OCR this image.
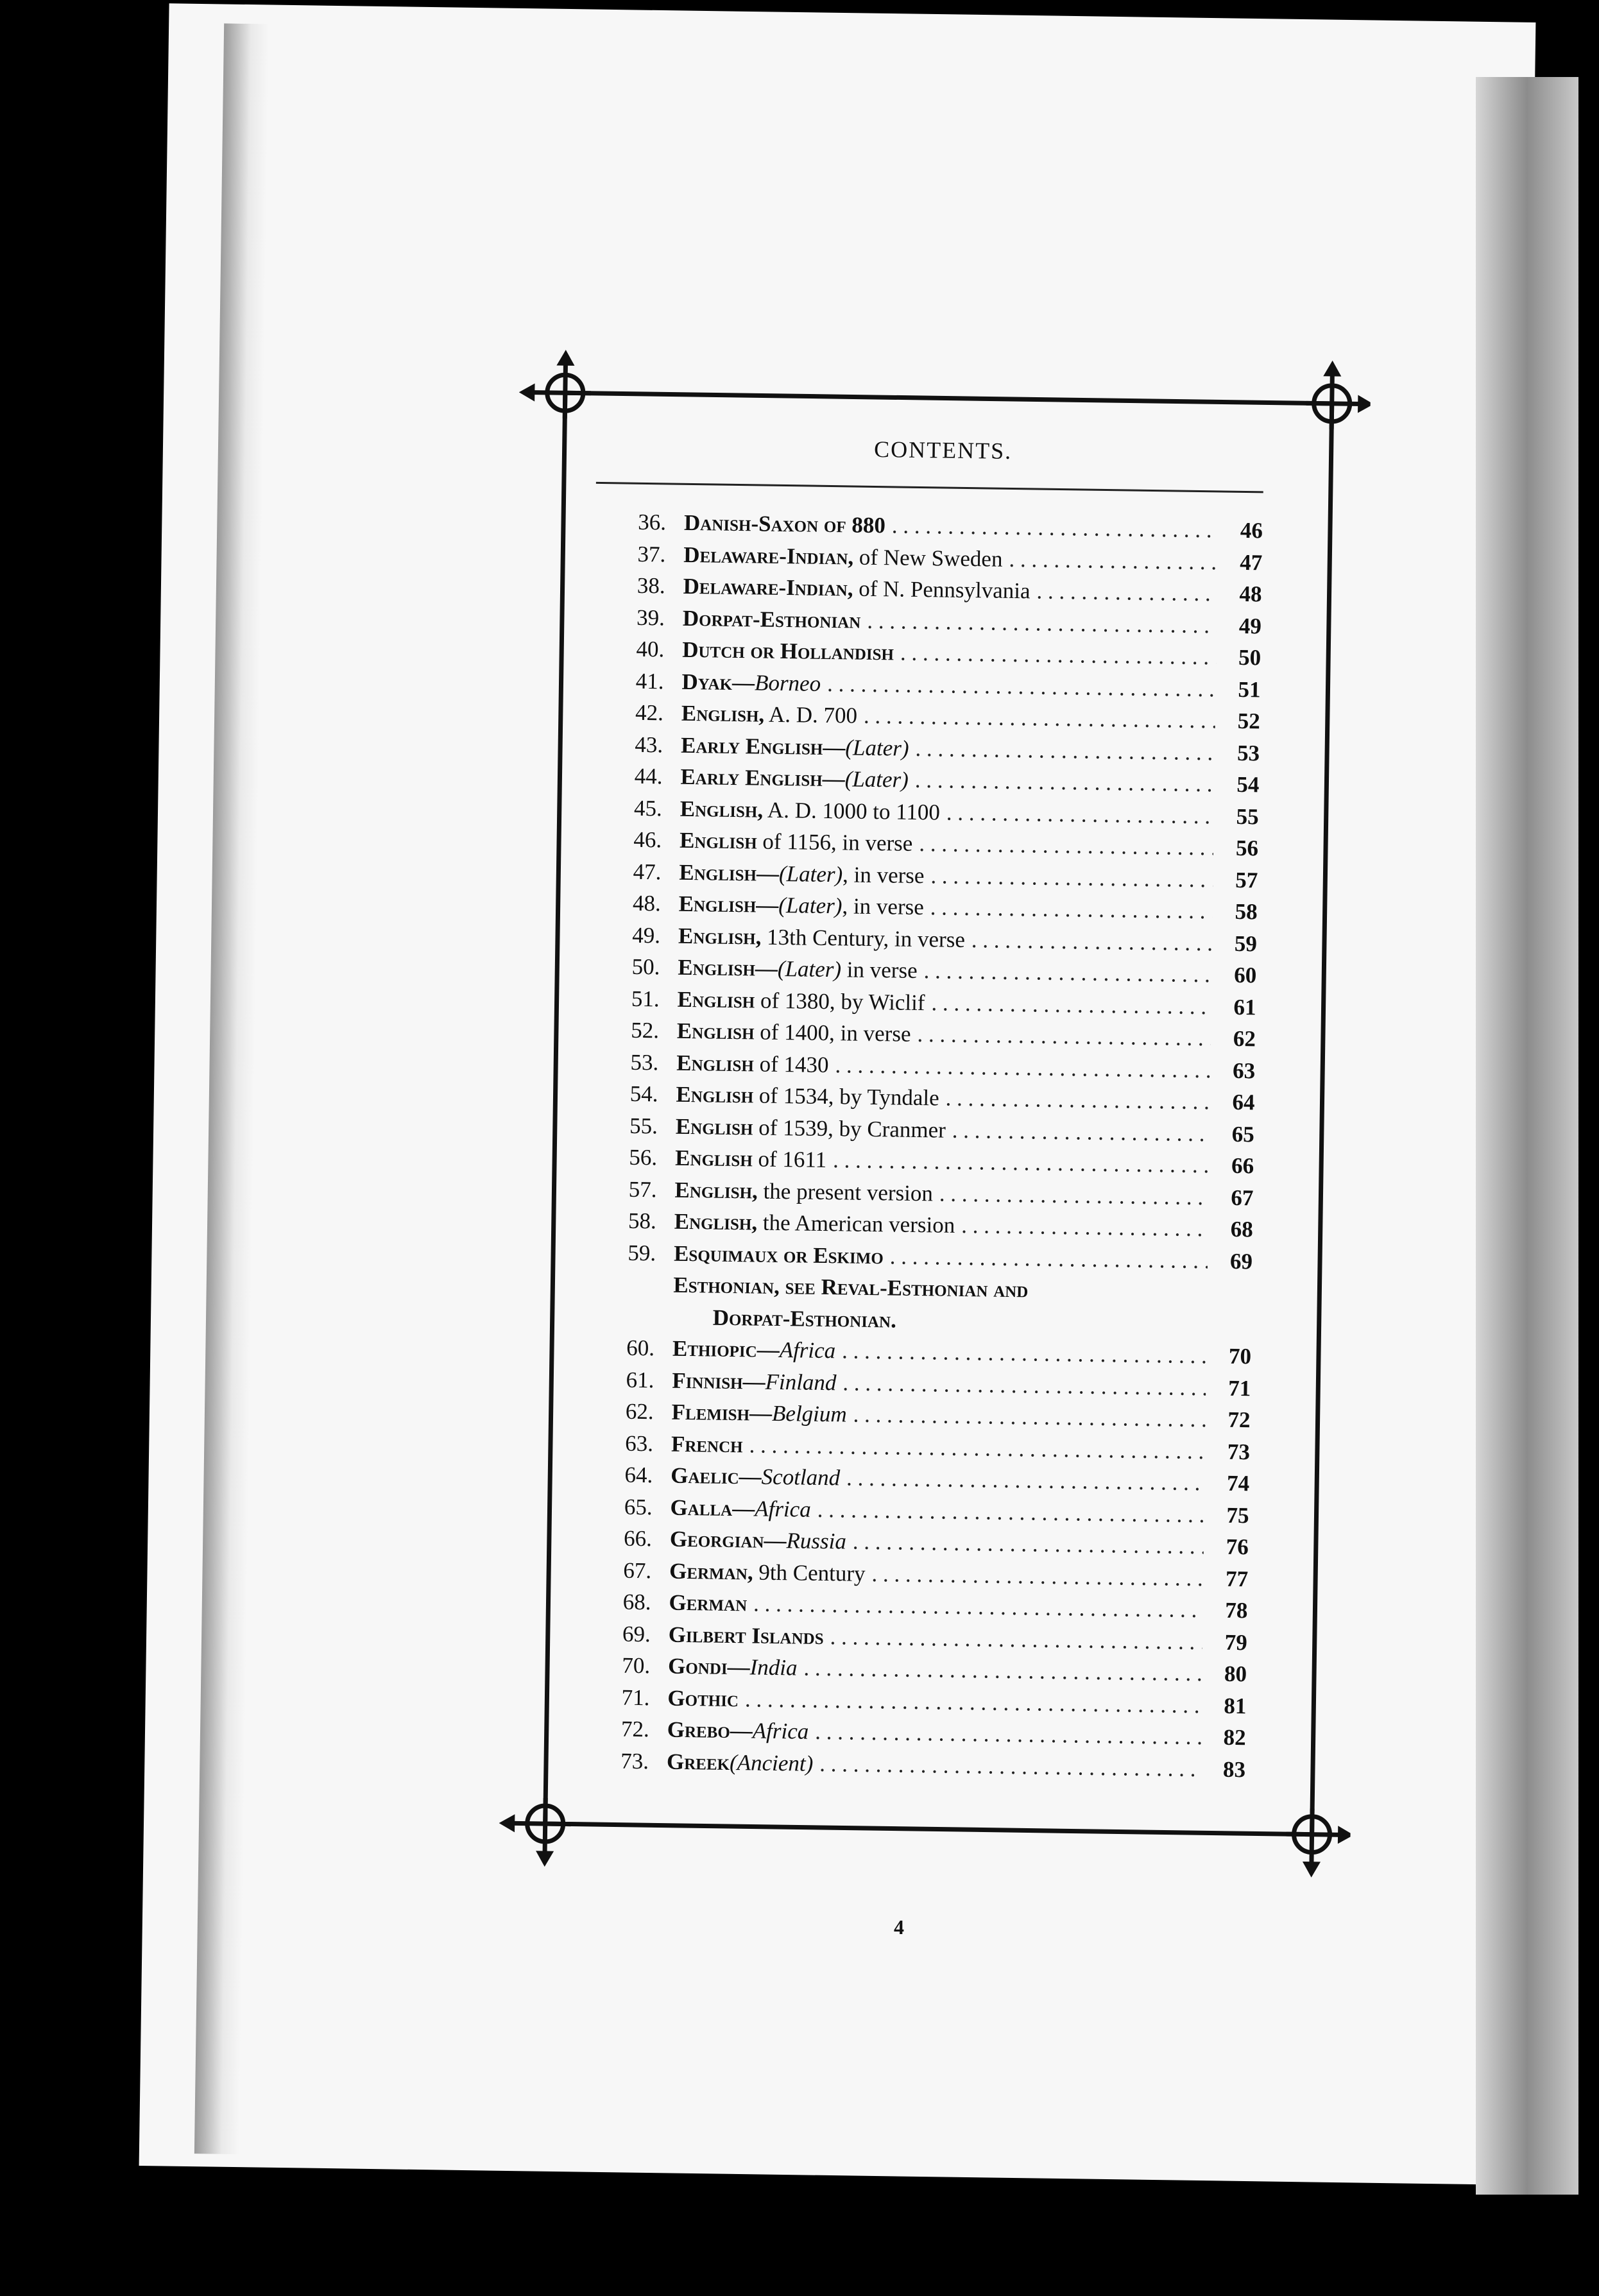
CONTENTS.
36. Danish-Saxon of 880 . . .	46
37. Delaware-Indian, of New Sweden . . .	47
38. Delaware-Indian, of N. Pennsylvania . . .	48
39. Dorpat-Esthonian . . .	49
40. Dutch or Hollandish . . .	50
41. Dyak—Borneo . . .	51
42. English, A. D. 700 . . .	52
43. Early English—(Later) . . .	53
44. Early English—(Later) . . .	54
45. English, A. D. 1000 to 1100 . . .	55
46. English of 1156, in verse . . .	56
47. English—(Later), in verse . . .	57
48. English—(Later), in verse . . .	58
49. English, 13th Century, in verse . . .	59
50. English—(Later) in verse . . .	60
51. English of 1380, by Wiclif . . .	61
52. English of 1400, in verse . . .	62
53. English of 1430 . . .	63
54. English of 1534, by Tyndale . . .	64
55. English of 1539, by Cranmer . . .	65
56. English of 1611 . . .	66
57. English, the present version . . .	67
58. English, the American version . . .	68
59. Esquimaux or Eskimo . . .	69
Esthonian, see Reval-Esthonian and
Dorpat-Esthonian.
60. Ethiopic—Africa . . .	70
61. Finnish—Finland . . .	71
62. Flemish—Belgium . . .	72
63. French . . .	73
64. Gaelic—Scotland . . .	74
65. Galla—Africa . . .	75
66. Georgian—Russia . . .	76
67. German, 9th Century . . .	77
68. German . . .	78
69. Gilbert Islands . . .	79
70. Gondi—India . . .	80
71. Gothic . . .	81
72. Grebo—Africa . . .	82
73. Greek(Ancient) . . .	83
4
